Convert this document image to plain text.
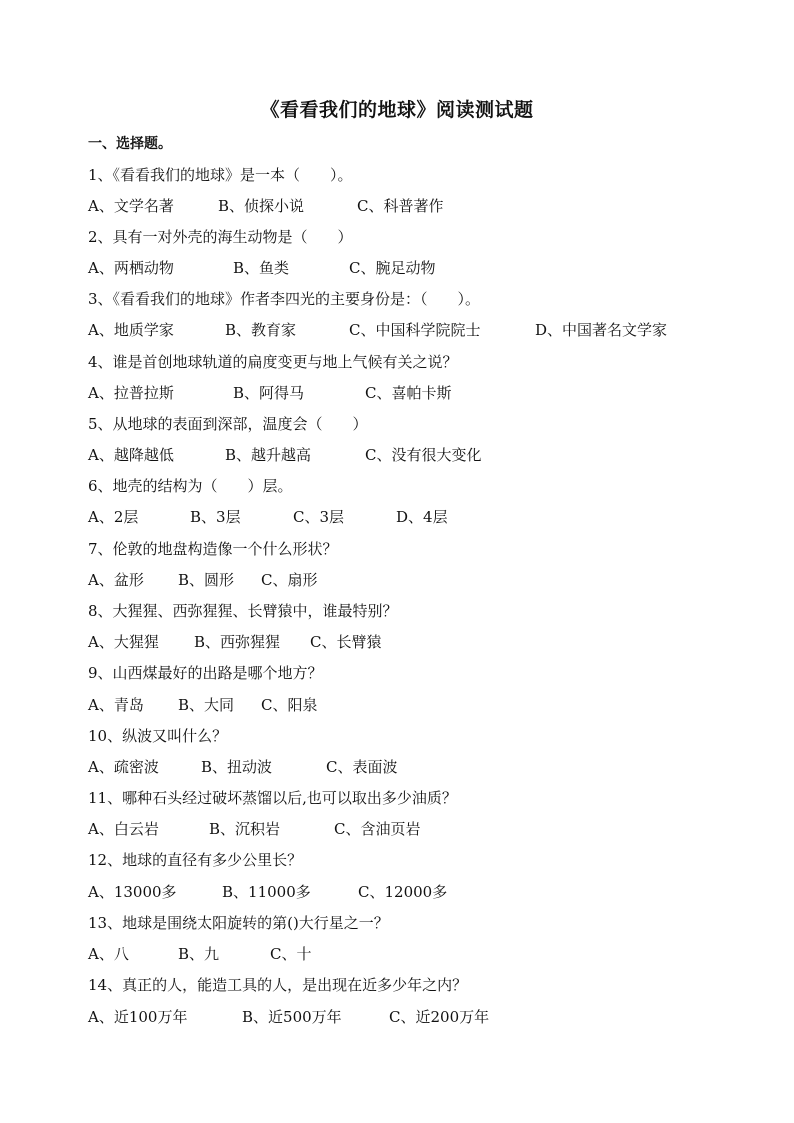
《看看我们的地球》阅读测试题
一、选择题。
1、《看看我们的地球》是一本（　　）。
A、文学名著	B、侦探小说	C、科普著作
2、具有一对外壳的海生动物是（　　）
A、两栖动物	B、鱼类	C、腕足动物
3、《看看我们的地球》作者李四光的主要身份是：（　　）。
A、地质学家	B、教育家	C、中国科学院院士	D、中国著名文学家
4、谁是首创地球轨道的扁度变更与地上气候有关之说？
A、拉普拉斯	B、阿得马	C、喜帕卡斯
5、从地球的表面到深部，温度会（　　）
A、越降越低	B、越升越高	C、没有很大变化
6、地壳的结构为（　　）层。
A、2层	B、3层	C、3层	D、4层
7、伦敦的地盘构造像一个什么形状？
A、盆形 B、圆形 C、扇形
8、大猩猩、西弥猩猩、长臂猿中，谁最特别？
A、大猩猩 B、西弥猩猩 C、长臂猿
9、山西煤最好的出路是哪个地方？
A、青岛 B、大同 C、阳泉
10、纵波又叫什么？
A、疏密波	B、扭动波	C、表面波
11、哪种石头经过破坏蒸馏以后,也可以取出多少油质？
A、白云岩	B、沉积岩	C、含油页岩
12、地球的直径有多少公里长？
A、13000多	B、11000多	C、12000多
13、地球是围绕太阳旋转的第()大行星之一？
A、八	B、九	C、十
14、真正的人，能造工具的人，是出现在近多少年之内？
A、近100万年	B、近500万年	C、近200万年
